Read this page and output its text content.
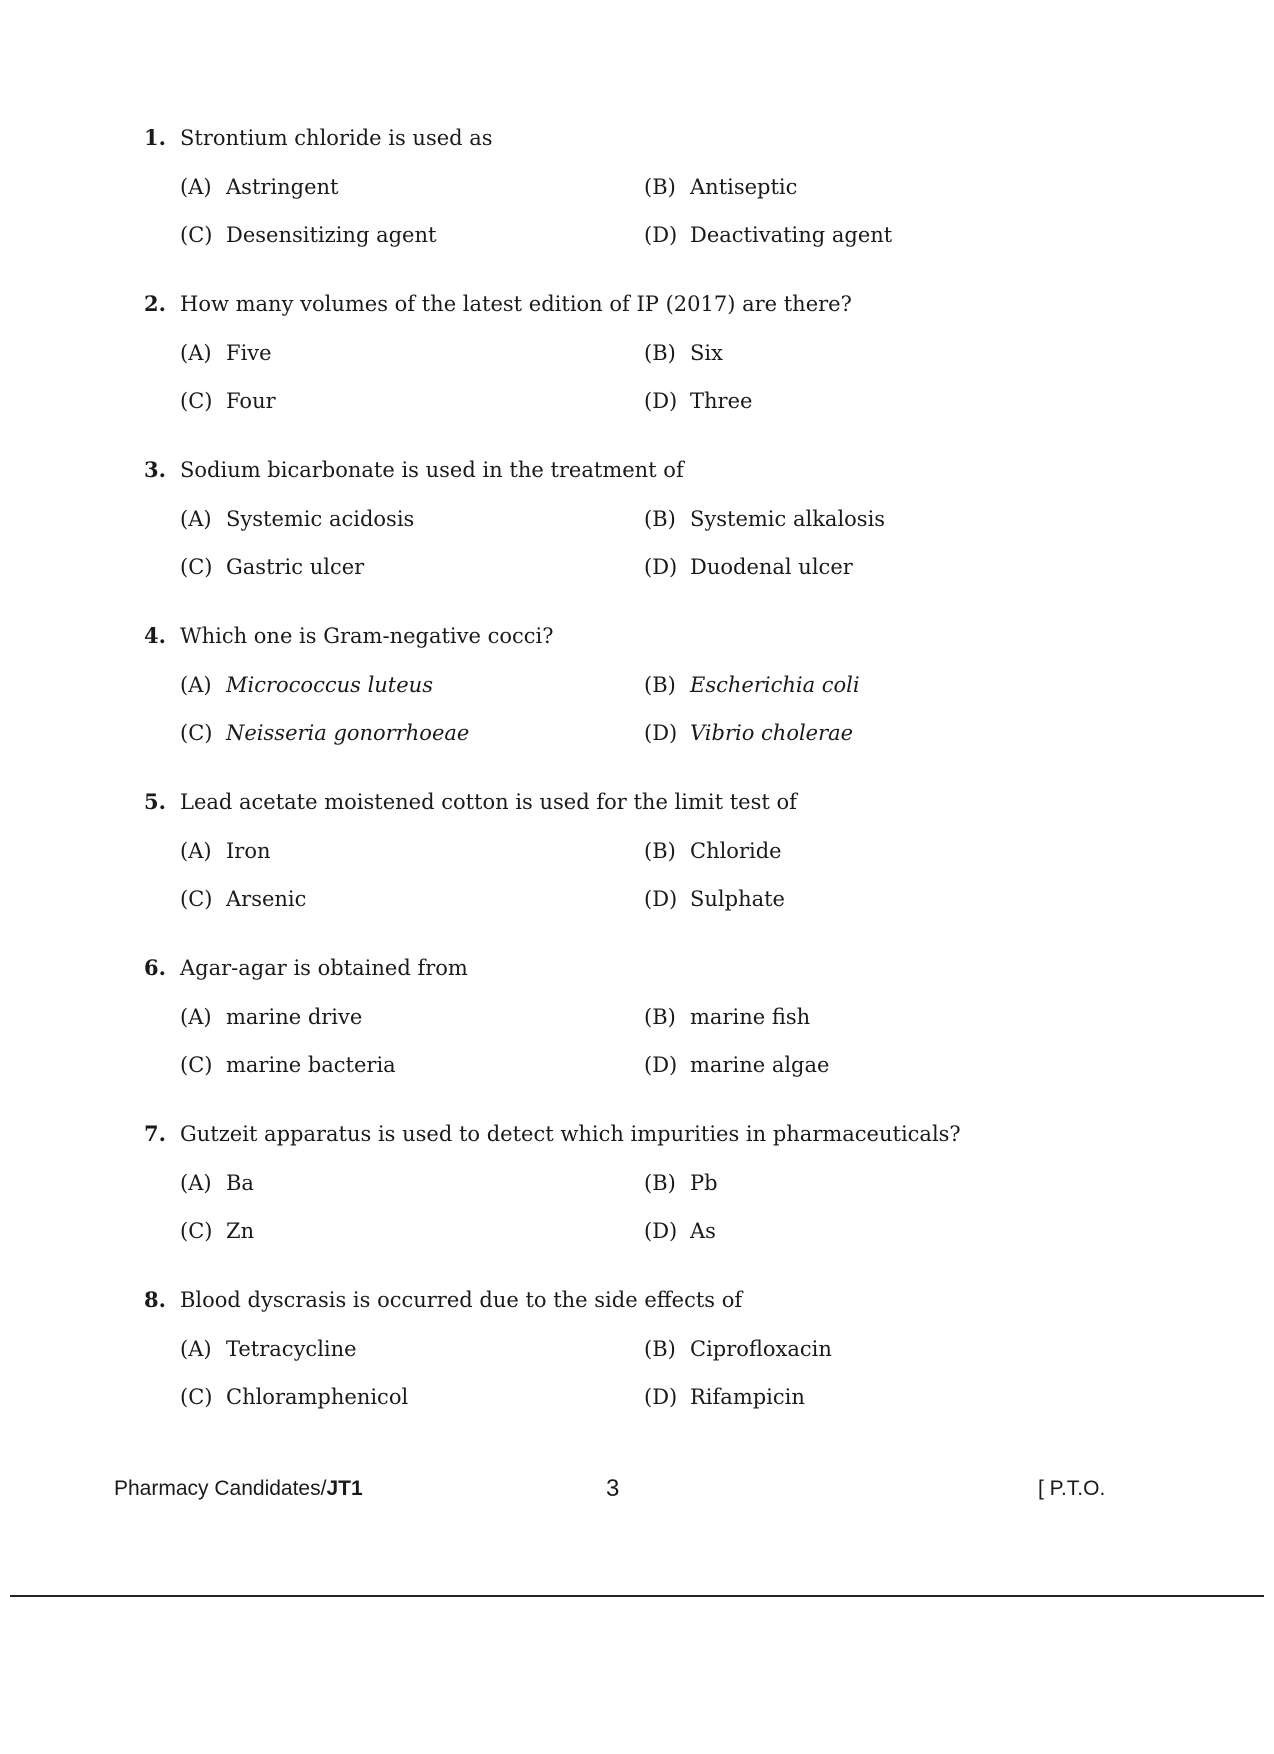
1. Strontium chloride is used as
(A) Astringent	(B) Antiseptic
(C) Desensitizing agent	(D) Deactivating agent
2. How many volumes of the latest edition of IP (2017) are there?
(A) Five	(B) Six
(C) Four	(D) Three
3. Sodium bicarbonate is used in the treatment of
(A) Systemic acidosis	(B) Systemic alkalosis
(C) Gastric ulcer	(D) Duodenal ulcer
4. Which one is Gram-negative cocci?
(A) Micrococcus luteus	(B) Escherichia coli
(C) Neisseria gonorrhoeae	(D) Vibrio cholerae
5. Lead acetate moistened cotton is used for the limit test of
(A) Iron	(B) Chloride
(C) Arsenic	(D) Sulphate
6. Agar-agar is obtained from
(A) marine drive	(B) marine fish
(C) marine bacteria	(D) marine algae
7. Gutzeit apparatus is used to detect which impurities in pharmaceuticals?
(A) Ba	(B) Pb
(C) Zn	(D) As
8. Blood dyscrasis is occurred due to the side effects of
(A) Tetracycline	(B) Ciprofloxacin
(C) Chloramphenicol	(D) Rifampicin
Pharmacy Candidates/JT1	3	[ P.T.O.
